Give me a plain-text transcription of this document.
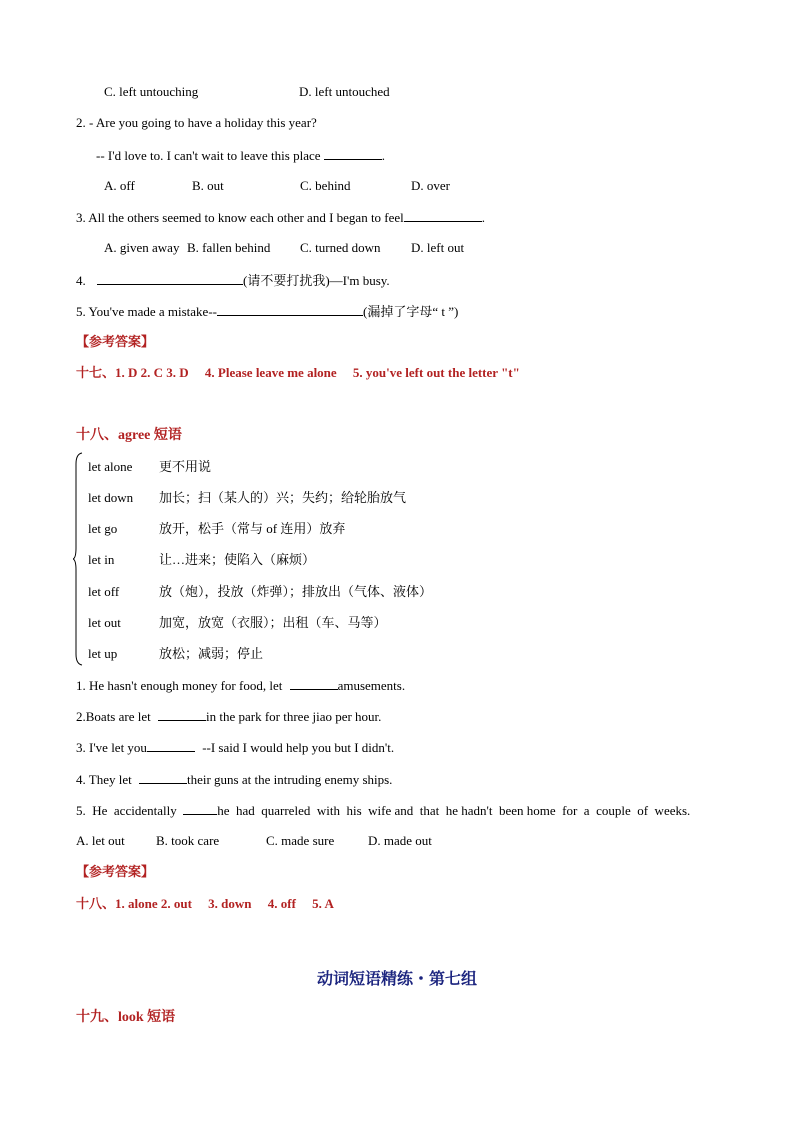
C. left untouching	D. left untouched
2. - Are you going to have a holiday this year?
-- I'd love to. I can't wait to leave this place	.
A. off	B. out	C. behind	D. over
3. All the others seemed to know each other and I began to feel	.
A. given away B. fallen behind C. turned down D. left out
4.	(请不要打扰我)—I'm busy.
5. You've made a mistake--	(漏掉了字母“ t ”)
【参考答案】
十七、1. D 2. C 3. D     4. Please leave me alone     5. you've left out the letter "t"
十八、agree 短语
let alone 更不用说
let down 加长；扫（某人的）兴；失约；给轮胎放气
let go	放开，松手（常与 of 连用）放弃
let in	让…进来；使陷入（麻烦）
let off	放（炮），投放（炸弹）；排放出（气体、液体）
let out	加宽，放宽（衣服）；出租（车、马等）
let up	放松；减弱；停止
1. He hasn't enough money for food, let	amusements.
2.Boats are let	in the park for three jiao per hour.
3. I've let you	--I said I would help you but I didn't.
4. They let	their guns at the intruding enemy ships.
5.  He  accidentally	he  had  quarreled  with  his  wife and  that  he hadn't  been home  for  a  couple  of  weeks.
A. let out B. took care	C. made sure	D. made out
【参考答案】
十八、1. alone 2. out     3. down     4. off     5. A
动词短语精练・第七组
十九、look 短语
